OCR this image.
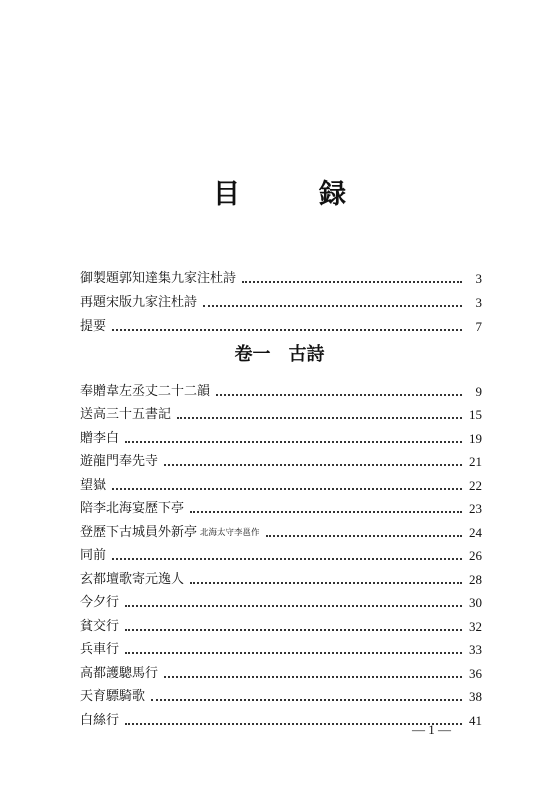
目　録
御製題郭知達集九家注杜詩	3
再題宋版九家注杜詩	3
提要	7
卷一　古詩
奉贈韋左丞丈二十二韻	9
送高三十五書記	15
贈李白	19
遊龍門奉先寺	21
望嶽	22
陪李北海宴歷下亭	23
登歷下古城員外新亭 北海太守李邕作	24
同前	26
玄都壇歌寄元逸人	28
今夕行	30
貧交行	32
兵車行	33
高都護驄馬行	36
天育驃騎歌	38
白絲行	41
— 1 —
